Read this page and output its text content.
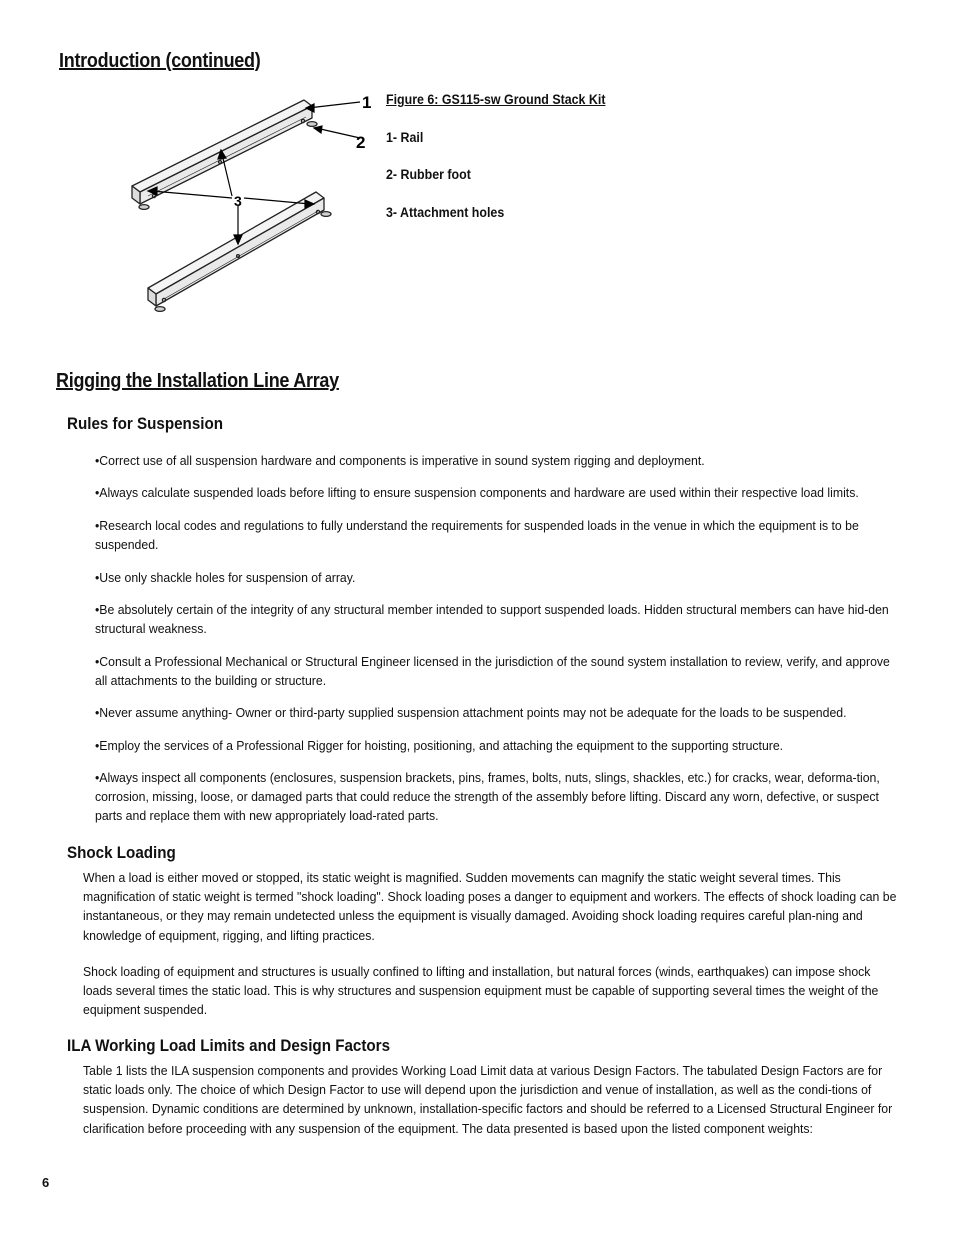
Introduction (continued)
1
2
3
Figure 6: GS115-sw Ground Stack Kit
1- Rail
2- Rubber foot
3- Attachment holes
Rigging the Installation Line Array
Rules for Suspension
•Correct use of all suspension hardware and components is imperative in sound system rigging and deployment.
•Always calculate suspended loads before lifting to ensure suspension components and hardware are used within their respective load limits.
•Research local codes and regulations to fully understand the requirements for suspended loads in the venue in which the equipment is to be suspended.
•Use only shackle holes for suspension of array.
•Be absolutely certain of the integrity of any structural member intended to support suspended loads. Hidden structural members can have hid-den structural weakness.
•Consult a Professional Mechanical or Structural Engineer licensed in the jurisdiction of the sound system installation to review, verify, and approve all attachments to the building or structure.
•Never assume anything- Owner or third-party supplied suspension attachment points may not be adequate for the loads to be suspended.
•Employ the services of a Professional Rigger for hoisting, positioning, and attaching the equipment to the supporting structure.
•Always inspect all components (enclosures, suspension brackets, pins, frames, bolts, nuts, slings, shackles, etc.) for cracks, wear, deforma-tion, corrosion, missing, loose, or damaged parts that could reduce the strength of the assembly before lifting. Discard any worn, defective, or suspect parts and replace them with new appropriately load-rated parts.
Shock Loading
When a load is either moved or stopped, its static weight is magnified. Sudden movements can magnify the static weight several times. This magnification of static weight is termed "shock loading". Shock loading poses a danger to equipment and workers. The effects of shock loading can be instantaneous, or they may remain undetected unless the equipment is visually damaged. Avoiding shock loading requires careful plan-ning and knowledge of equipment, rigging, and lifting practices.
Shock loading of equipment and structures is usually confined to lifting and installation, but natural forces (winds, earthquakes) can impose shock loads several times the static load. This is why structures and suspension equipment must be capable of supporting several times the weight of the equipment suspended.
ILA Working Load Limits and Design Factors
Table 1 lists the ILA suspension components and provides Working Load Limit data at various Design Factors. The tabulated Design Factors are for static loads only. The choice of which Design Factor to use will depend upon the jurisdiction and venue of installation, as well as the condi-tions of suspension. Dynamic conditions are determined by unknown, installation-specific factors and should be referred to a Licensed Structural Engineer for clarification before proceeding with any suspension of the equipment. The data presented is based upon the listed component weights:
6
